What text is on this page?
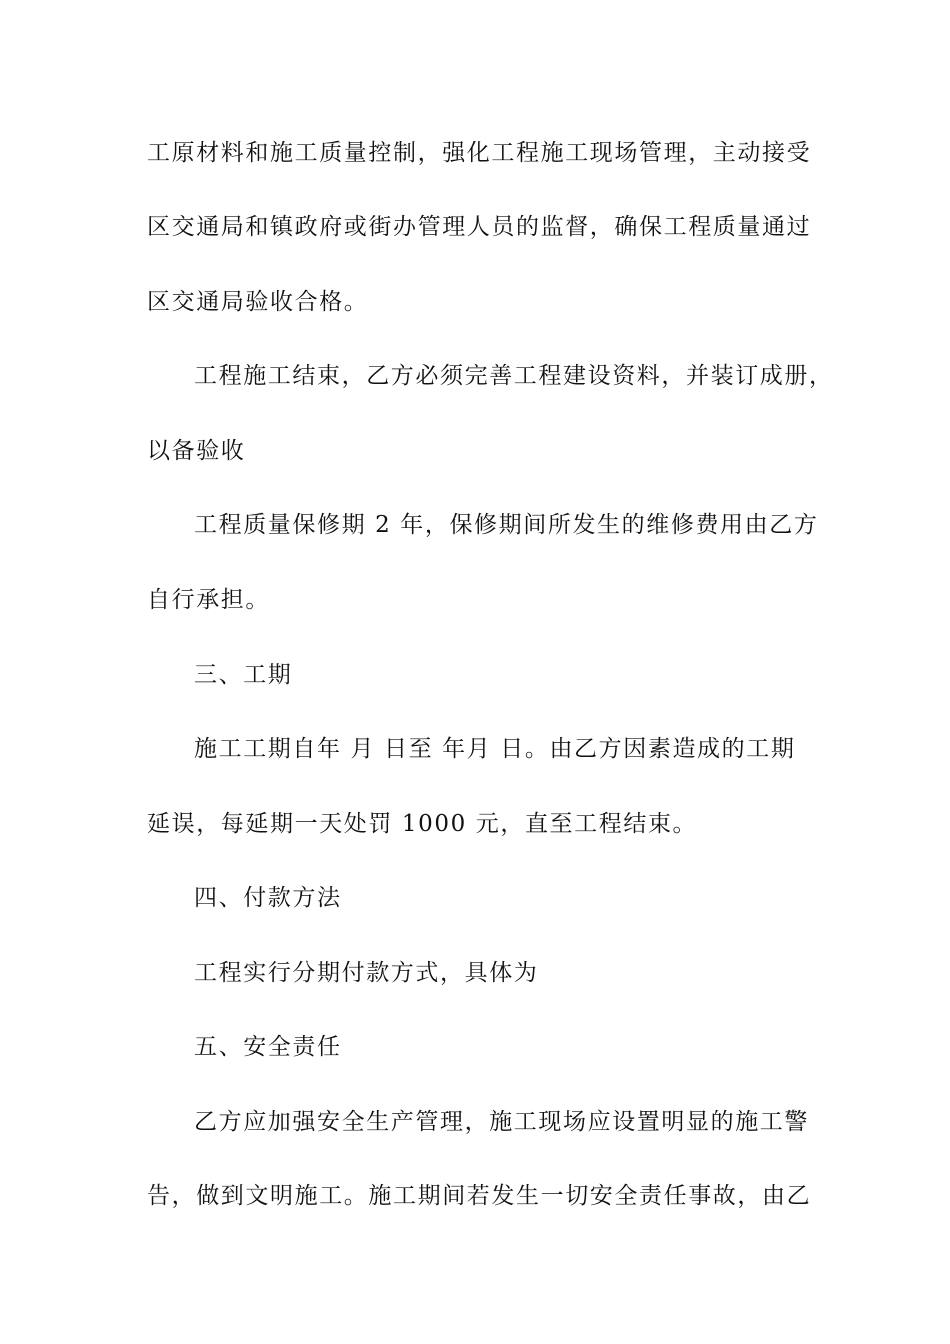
工原材料和施工质量控制，强化工程施工现场管理，主动接受
区交通局和镇政府或街办管理人员的监督，确保工程质量通过
区交通局验收合格。
工程施工结束，乙方必须完善工程建设资料，并装订成册，
以备验收
工程质量保修期 2 年，保修期间所发生的维修费用由乙方
自行承担。
三、工期
施工工期自年 月 日至 年月 日。由乙方因素造成的工期
延误，每延期一天处罚 1000 元，直至工程结束。
四、付款方法
工程实行分期付款方式，具体为
五、安全责任
乙方应加强安全生产管理，施工现场应设置明显的施工警
告，做到文明施工。施工期间若发生一切安全责任事故，由乙
